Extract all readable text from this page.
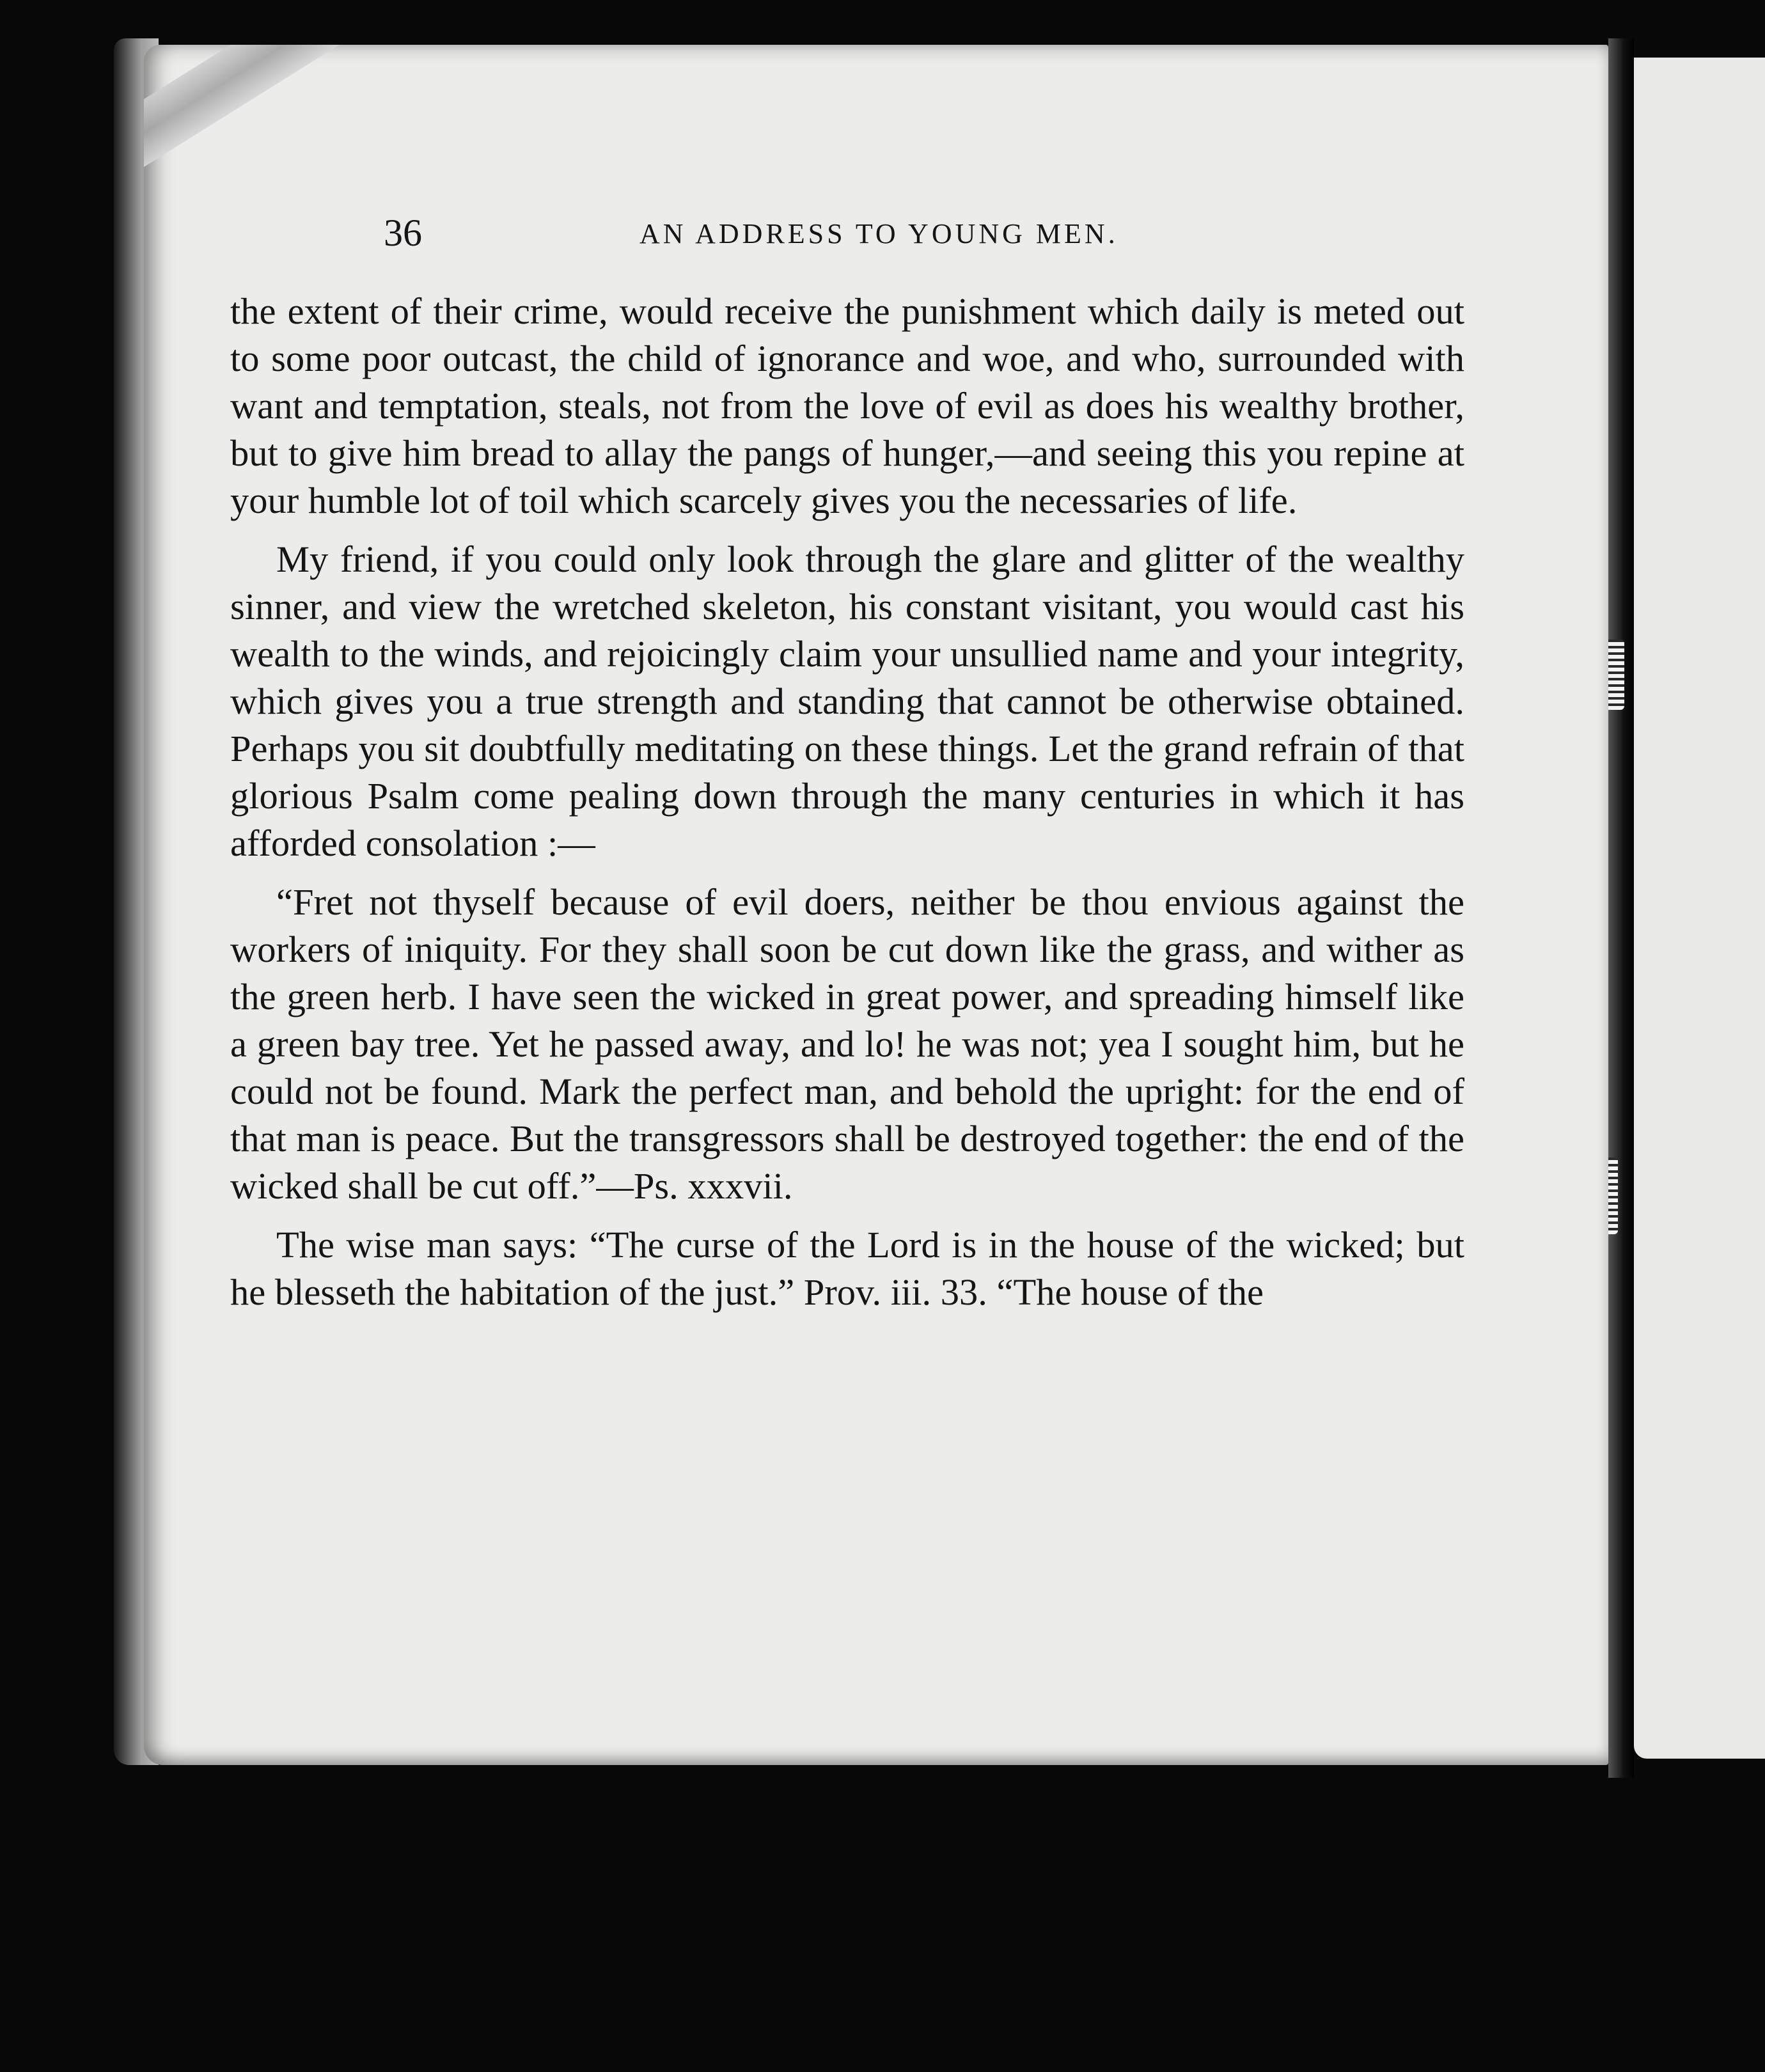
36	AN ADDRESS TO YOUNG MEN.

the extent of their crime, would receive the punishment which daily is meted out to some poor outcast, the child of ignorance and woe, and who, surrounded with want and temptation, steals, not from the love of evil as does his wealthy brother, but to give him bread to allay the pangs of hunger,—and seeing this you repine at your humble lot of toil which scarcely gives you the necessaries of life.

My friend, if you could only look through the glare and glitter of the wealthy sinner, and view the wretched skeleton, his constant visitant, you would cast his wealth to the winds, and rejoicingly claim your unsullied name and your integrity, which gives you a true strength and standing that cannot be otherwise obtained. Perhaps you sit doubtfully meditating on these things. Let the grand refrain of that glorious Psalm come pealing down through the many centuries in which it has afforded consolation :—

“Fret not thyself because of evil doers, neither be thou envious against the workers of iniquity. For they shall soon be cut down like the grass, and wither as the green herb. I have seen the wicked in great power, and spreading himself like a green bay tree. Yet he passed away, and lo! he was not; yea I sought him, but he could not be found. Mark the perfect man, and behold the upright: for the end of that man is peace. But the transgressors shall be destroyed together: the end of the wicked shall be cut off.”—Ps. xxxvii.

The wise man says: “The curse of the Lord is in the house of the wicked; but he blesseth the habitation of the just.” Prov. iii. 33. “The house of the
